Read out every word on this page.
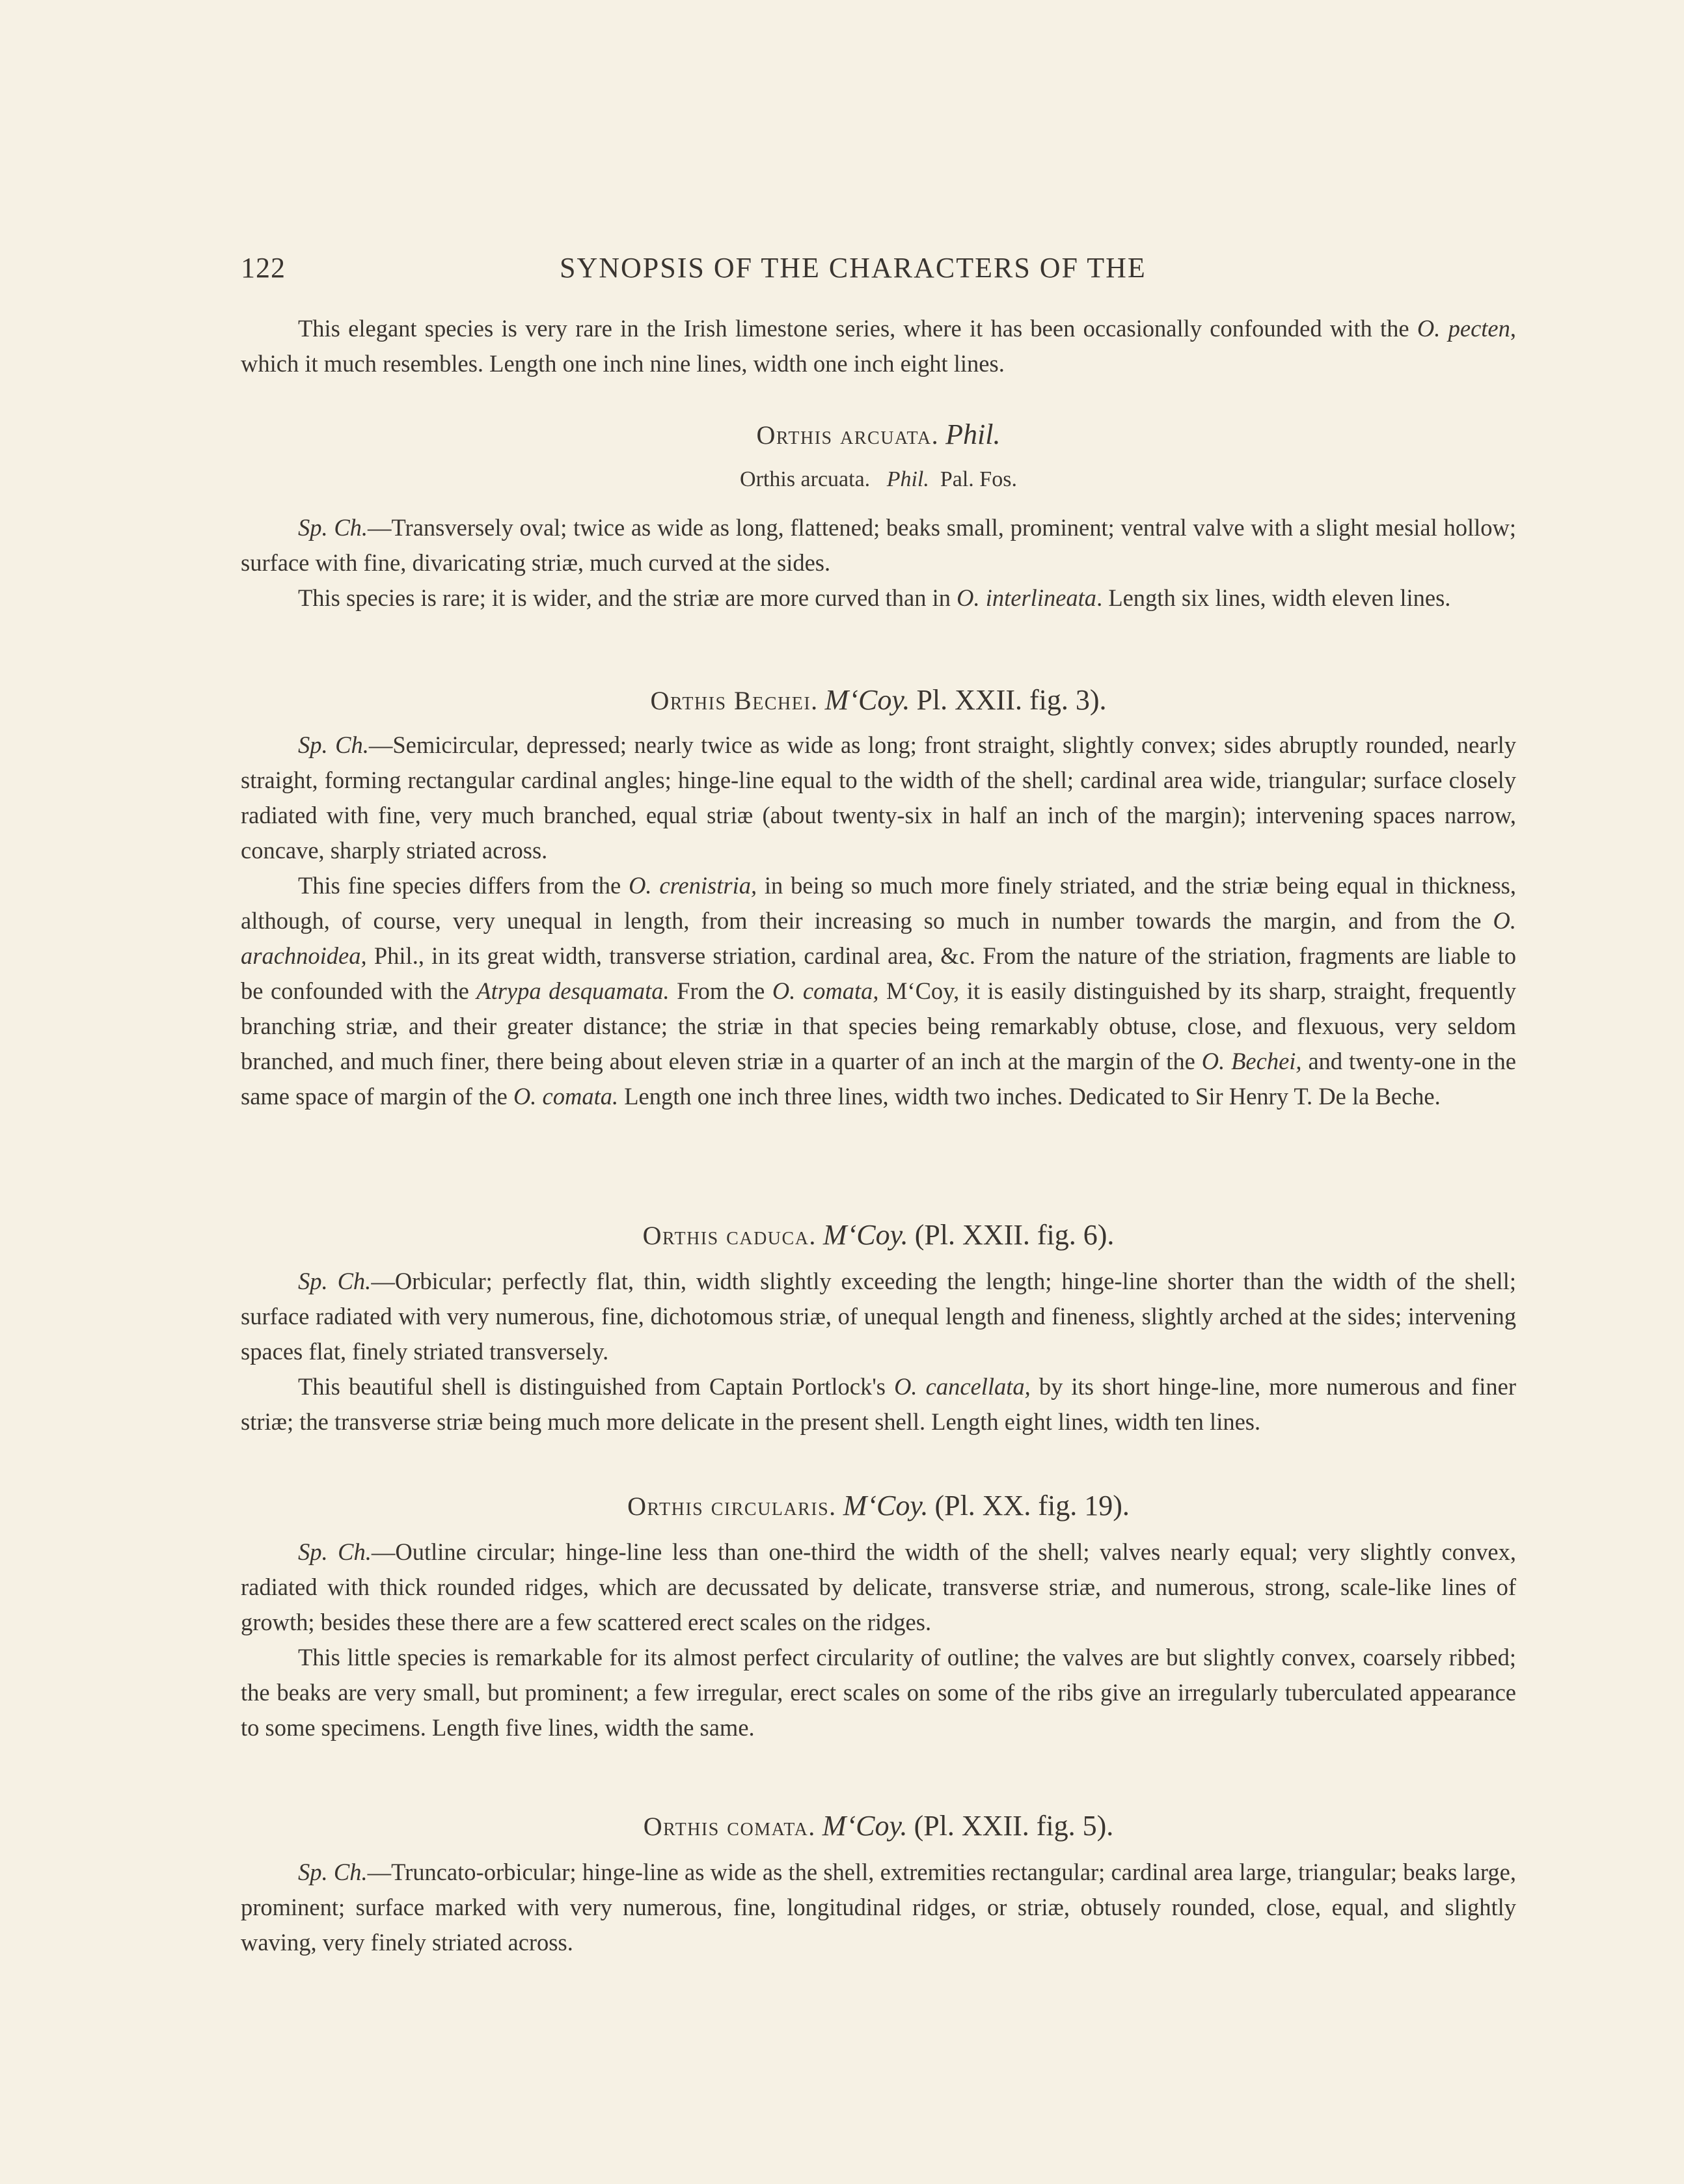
122	SYNOPSIS OF THE CHARACTERS OF THE

This elegant species is very rare in the Irish limestone series, where it has been occasionally confounded with the O. pecten, which it much resembles. Length one inch nine lines, width one inch eight lines.

Orthis arcuata. Phil.
Orthis arcuata. Phil. Pal. Fos.

Sp. Ch.—Transversely oval; twice as wide as long, flattened; beaks small, prominent; ventral valve with a slight mesial hollow; surface with fine, divaricating striæ, much curved at the sides.

This species is rare; it is wider, and the striæ are more curved than in O. interlineata. Length six lines, width eleven lines.

Orthis Bechei. M‘Coy. Pl. XXII. fig. 3).

Sp. Ch.—Semicircular, depressed; nearly twice as wide as long; front straight, slightly convex; sides abruptly rounded, nearly straight, forming rectangular cardinal angles; hinge-line equal to the width of the shell; cardinal area wide, triangular; surface closely radiated with fine, very much branched, equal striæ (about twenty-six in half an inch of the margin); intervening spaces narrow, concave, sharply striated across.

This fine species differs from the O. crenistria, in being so much more finely striated, and the striæ being equal in thickness, although, of course, very unequal in length, from their increasing so much in number towards the margin, and from the O. arachnoidea, Phil., in its great width, transverse striation, cardinal area, &c. From the nature of the striation, fragments are liable to be confounded with the Atrypa desquamata. From the O. comata, M‘Coy, it is easily distinguished by its sharp, straight, frequently branching striæ, and their greater distance; the striæ in that species being remarkably obtuse, close, and flexuous, very seldom branched, and much finer, there being about eleven striæ in a quarter of an inch at the margin of the O. Bechei, and twenty-one in the same space of margin of the O. comata. Length one inch three lines, width two inches. Dedicated to Sir Henry T. De la Beche.

Orthis caduca. M‘Coy. (Pl. XXII. fig. 6).

Sp. Ch.—Orbicular; perfectly flat, thin, width slightly exceeding the length; hinge-line shorter than the width of the shell; surface radiated with very numerous, fine, dichotomous striæ, of unequal length and fineness, slightly arched at the sides; intervening spaces flat, finely striated transversely.

This beautiful shell is distinguished from Captain Portlock's O. cancellata, by its short hinge-line, more numerous and finer striæ; the transverse striæ being much more delicate in the present shell. Length eight lines, width ten lines.

Orthis circularis. M‘Coy. (Pl. XX. fig. 19).

Sp. Ch.—Outline circular; hinge-line less than one-third the width of the shell; valves nearly equal; very slightly convex, radiated with thick rounded ridges, which are decussated by delicate, transverse striæ, and numerous, strong, scale-like lines of growth; besides these there are a few scattered erect scales on the ridges.

This little species is remarkable for its almost perfect circularity of outline; the valves are but slightly convex, coarsely ribbed; the beaks are very small, but prominent; a few irregular, erect scales on some of the ribs give an irregularly tuberculated appearance to some specimens. Length five lines, width the same.

Orthis comata. M‘Coy. (Pl. XXII. fig. 5).

Sp. Ch.—Truncato-orbicular; hinge-line as wide as the shell, extremities rectangular; cardinal area large, triangular; beaks large, prominent; surface marked with very numerous, fine, longitudinal ridges, or striæ, obtusely rounded, close, equal, and slightly waving, very finely striated across.
